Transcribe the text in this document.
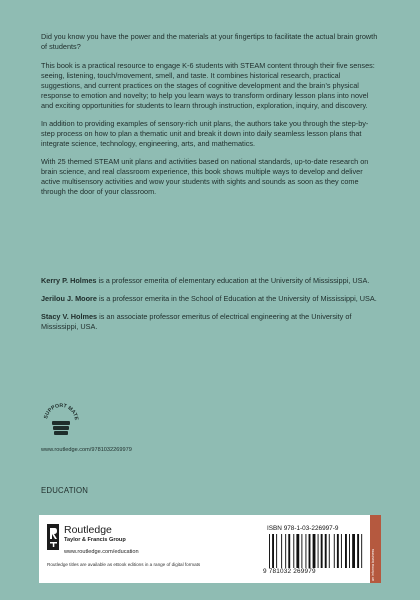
Did you know you have the power and the materials at your fingertips to facilitate the actual brain growth of students?

This book is a practical resource to engage K-6 students with STEAM content through their five senses: seeing, listening, touch/movement, smell, and taste. It combines historical research, practical suggestions, and current practices on the stages of cognitive development and the brain’s physical response to emotion and novelty; to help you learn ways to transform ordinary lesson plans into novel and exciting opportunities for students to learn through instruction, exploration, inquiry, and discovery.

In addition to providing examples of sensory-rich unit plans, the authors take you through the step-by-step process on how to plan a thematic unit and break it down into daily seamless lesson plans that integrate science, technology, engineering, arts, and mathematics.

With 25 themed STEAM unit plans and activities based on national standards, up-to-date research on brain science, and real classroom experience, this book shows multiple ways to develop and deliver active multisensory activities and wow your students with sights and sounds as soon as they come through the door of your classroom.

Kerry P. Holmes is a professor emerita of elementary education at the University of Mississippi, USA.

Jerilou J. Moore is a professor emerita in the School of Education at the University of Mississippi, USA.

Stacy V. Holmes is an associate professor emeritus of electrical engineering at the University of Mississippi, USA.

SUPPORT MATE
www.routledge.com/9781032269979
EDUCATION
Routledge
Taylor & Francis Group
www.routledge.com/education
Routledge titles are available as eBook editions in a range of digital formats
ISBN 978-1-03-226997-9
9 781032 269979	an informa business
